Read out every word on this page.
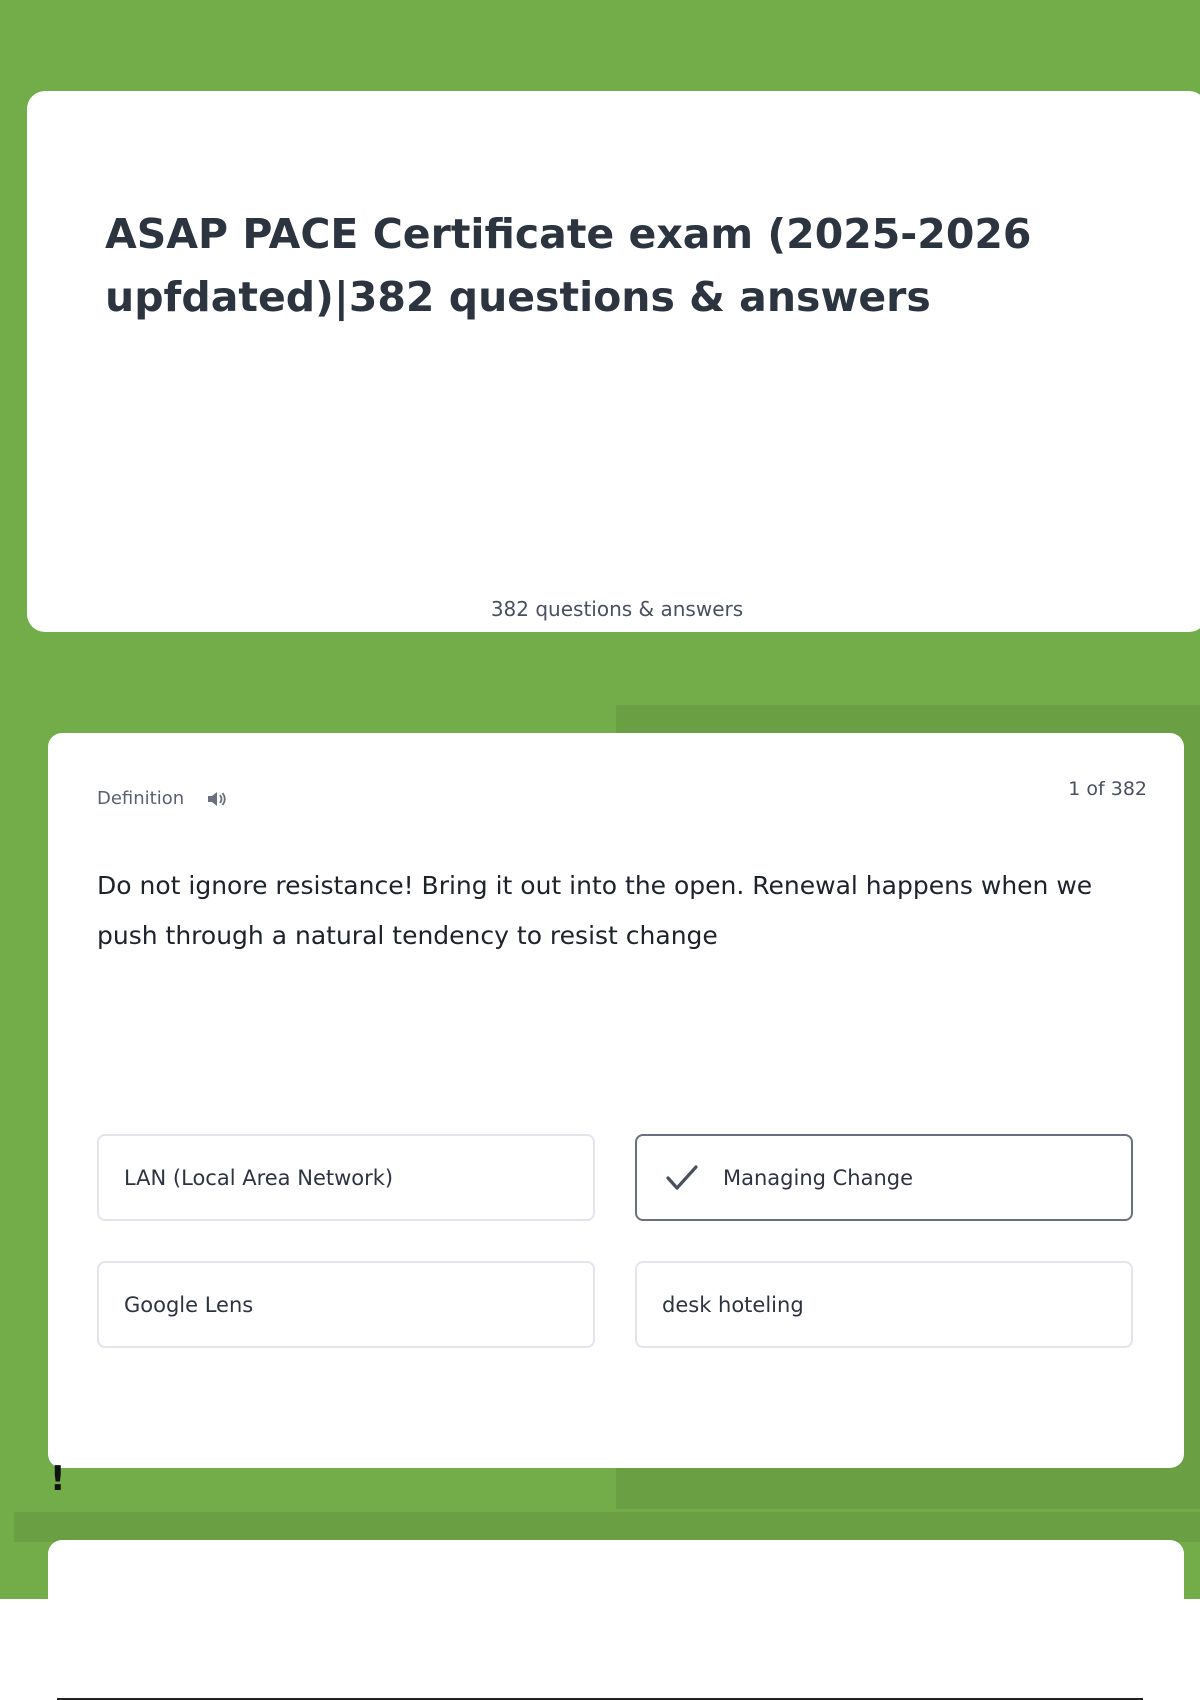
ASAP PACE Certificate exam (2025-2026
upfdated)|382 questions & answers
382 questions & answers
Definition	1 of 382

Do not ignore resistance! Bring it out into the open. Renewal happens when we push through a natural tendency to resist change

LAN (Local Area Network)	Managing Change
Google Lens	desk hoteling
!
